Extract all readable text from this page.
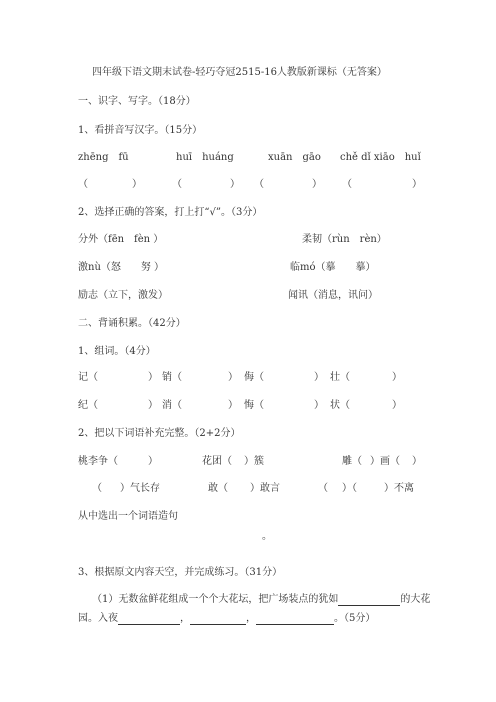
四年级下语文期末试卷-轻巧夺冠2515-16人教版新课标（无答案）
一、识字、写字。（18分）
1、看拼音写汉字。（15分）
zhēng　fū	huī　huáng	xuān　gāo chě dǐ xiāo　huǐ
（	）	（	） （	） （	）
2、选择正确的答案，打上打“√”。（3分）
分外（fēn　fèn ）	柔韧（rùn　rèn）
激nù（怒　　努 ）	临mó（摹　　摹）
励志（立下，激发）	闻讯（消息，讯问）
二、背诵积累。（42分）
1、组词。（4分）
记（	） 销（	） 侮（	） 壮（	）
纪（	） 消（	） 悔（	） 状（	）
2、把以下词语补充完整。（2+2分）
桃李争（	）	花团（ ）簇	雕（ ）画（ ）
（ ）气长存	敢（ ）敢言	（ ）（	）不离
从中选出一个词语造句
。
3、根据原文内容天空，并完成练习。（31分）
（1）无数盆鲜花组成一个个大花坛，把广场装点的犹如	的大花
园。入夜	，	，	。（5分）
